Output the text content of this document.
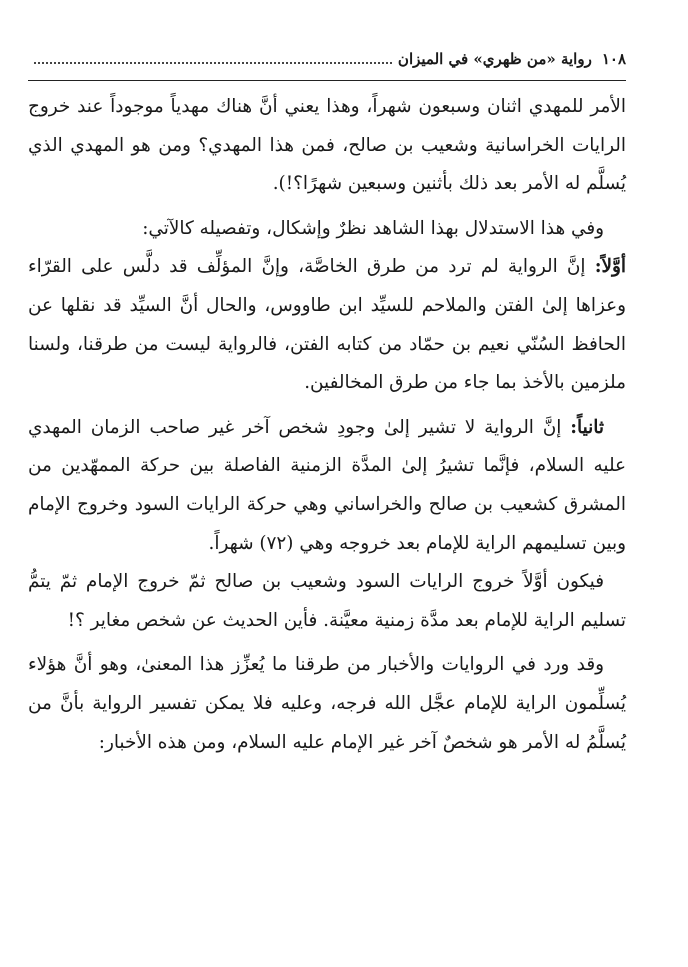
١٠٨
رواية «من ظهري» في الميزان

الأمر للمهدي اثنان وسبعون شهراً، وهذا يعني أنَّ هناك مهدياً موجوداً عند خروج الرايات الخراسانية وشعيب بن صالح، فمن هذا المهدي؟ ومن هو المهدي الذي يُسلَّم له الأمر بعد ذلك بأثنين وسبعين شهرًا؟!).

وفي هذا الاستدلال بهذا الشاهد نظرٌ وإشكال، وتفصيله كالآتي:

أوَّلاً: إنَّ الرواية لم ترد من طرق الخاصَّة، وإنَّ المؤلِّف قد دلَّس على القرّاء وعزاها إلىٰ الفتن والملاحم للسيِّد ابن طاووس، والحال أنَّ السيِّد قد نقلها عن الحافظ السُنّي نعيم بن حمّاد من كتابه الفتن، فالرواية ليست من طرقنا، ولسنا ملزمين بالأخذ بما جاء من طرق المخالفين.

ثانياً: إنَّ الرواية لا تشير إلىٰ وجودِ شخص آخر غير صاحب الزمان المهدي عليه السلام، فإنَّما تشيرُ إلىٰ المدَّة الزمنية الفاصلة بين حركة الممهّدين من المشرق كشعيب بن صالح والخراساني وهي حركة الرايات السود وخروج الإمام وبين تسليمهم الراية للإمام بعد خروجه وهي (٧٢) شهراً.

فيكون أوَّلاً خروج الرايات السود وشعيب بن صالح ثمّ خروج الإمام ثمّ يتمُّ تسليم الراية للإمام بعد مدَّة زمنية معيَّنة. فأين الحديث عن شخص مغاير ؟!

وقد ورد في الروايات والأخبار من طرقنا ما يُعزِّز هذا المعنىٰ، وهو أنَّ هؤلاء يُسلِّمون الراية للإمام عجَّل الله فرجه، وعليه فلا يمكن تفسير الرواية بأنَّ من يُسلَّمُ له الأمر هو شخصٌ آخر غير الإمام عليه السلام، ومن هذه الأخبار:
